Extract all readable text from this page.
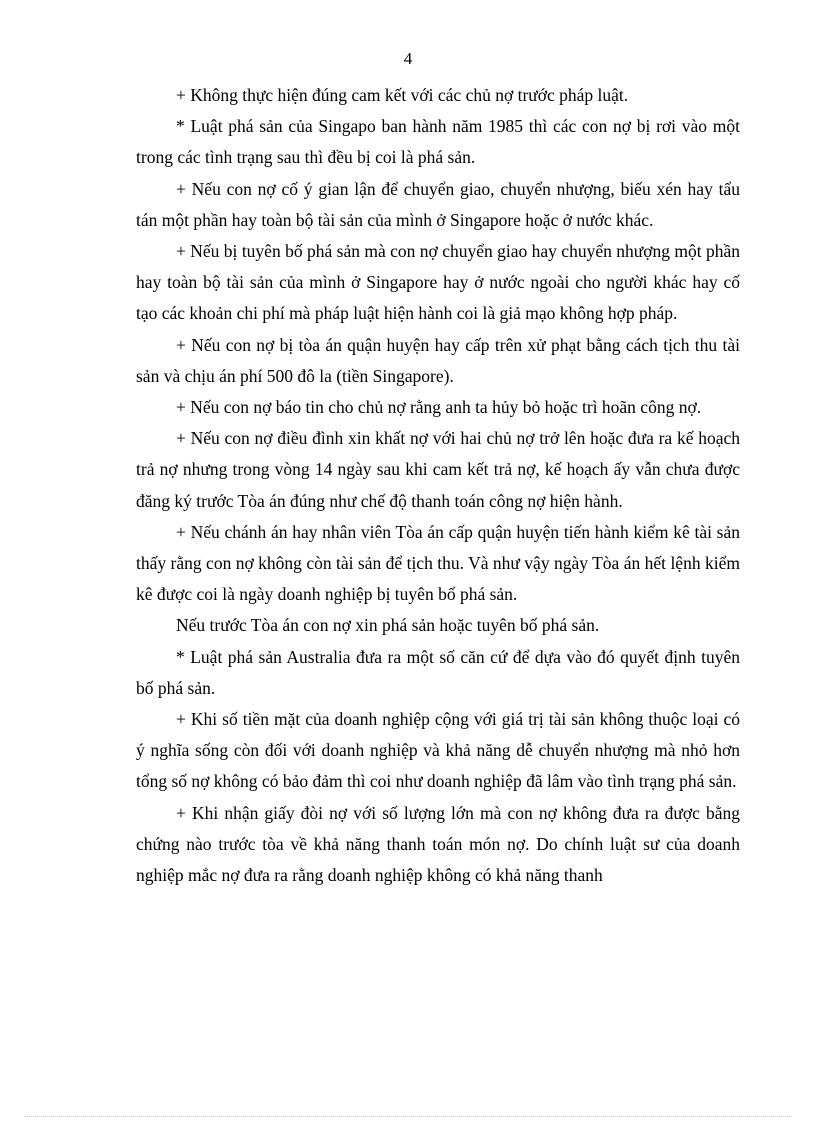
4

+ Không thực hiện đúng cam kết với các chủ nợ trước pháp luật.

* Luật phá sản của Singapo ban hành năm 1985 thì các con nợ bị rơi vào một trong các tình trạng sau thì đều bị coi là phá sản.

+ Nếu con nợ cố ý gian lận để chuyển giao, chuyển nhượng, biếu xén hay tẩu tán một phần hay toàn bộ tài sản của mình ở Singapore hoặc ở nước khác.

+ Nếu bị tuyên bố phá sản mà con nợ chuyển giao hay chuyển nhượng một phần hay toàn bộ tài sản của mình ở Singapore hay ở nước ngoài cho người khác hay cố tạo các khoản chi phí mà pháp luật hiện hành coi là giả mạo không hợp pháp.

+ Nếu con nợ bị tòa án quận huyện hay cấp trên xử phạt bằng cách tịch thu tài sản và chịu án phí 500 đô la (tiền Singapore).

+ Nếu con nợ báo tin cho chủ nợ rằng anh ta hủy bỏ hoặc trì hoãn công nợ.

+ Nếu con nợ điều đình xin khất nợ với hai chủ nợ trở lên hoặc đưa ra kế hoạch trả nợ nhưng trong vòng 14 ngày sau khi cam kết trả nợ, kế hoạch ấy vẫn chưa được đăng ký trước Tòa án đúng như chế độ thanh toán công nợ hiện hành.

+ Nếu chánh án hay nhân viên Tòa án cấp quận huyện tiến hành kiểm kê tài sản thấy rằng con nợ không còn tài sản để tịch thu. Và như vậy ngày Tòa án hết lệnh kiểm kê được coi là ngày doanh nghiệp bị tuyên bố phá sản.

Nếu trước Tòa án con nợ xin phá sản hoặc tuyên bố phá sản.

* Luật phá sản Australia đưa ra một số căn cứ để dựa vào đó quyết định tuyên bố phá sản.

+ Khi số tiền mặt của doanh nghiệp cộng với giá trị tài sản không thuộc loại có ý nghĩa sống còn đối với doanh nghiệp và khả năng dễ chuyển nhượng mà nhỏ hơn tổng số nợ không có bảo đảm thì coi như doanh nghiệp đã lâm vào tình trạng phá sản.

+ Khi nhận giấy đòi nợ với số lượng lớn mà con nợ không đưa ra được bằng chứng nào trước tòa về khả năng thanh toán món nợ. Do chính luật sư của doanh nghiệp mắc nợ đưa ra rằng doanh nghiệp không có khả năng thanh
